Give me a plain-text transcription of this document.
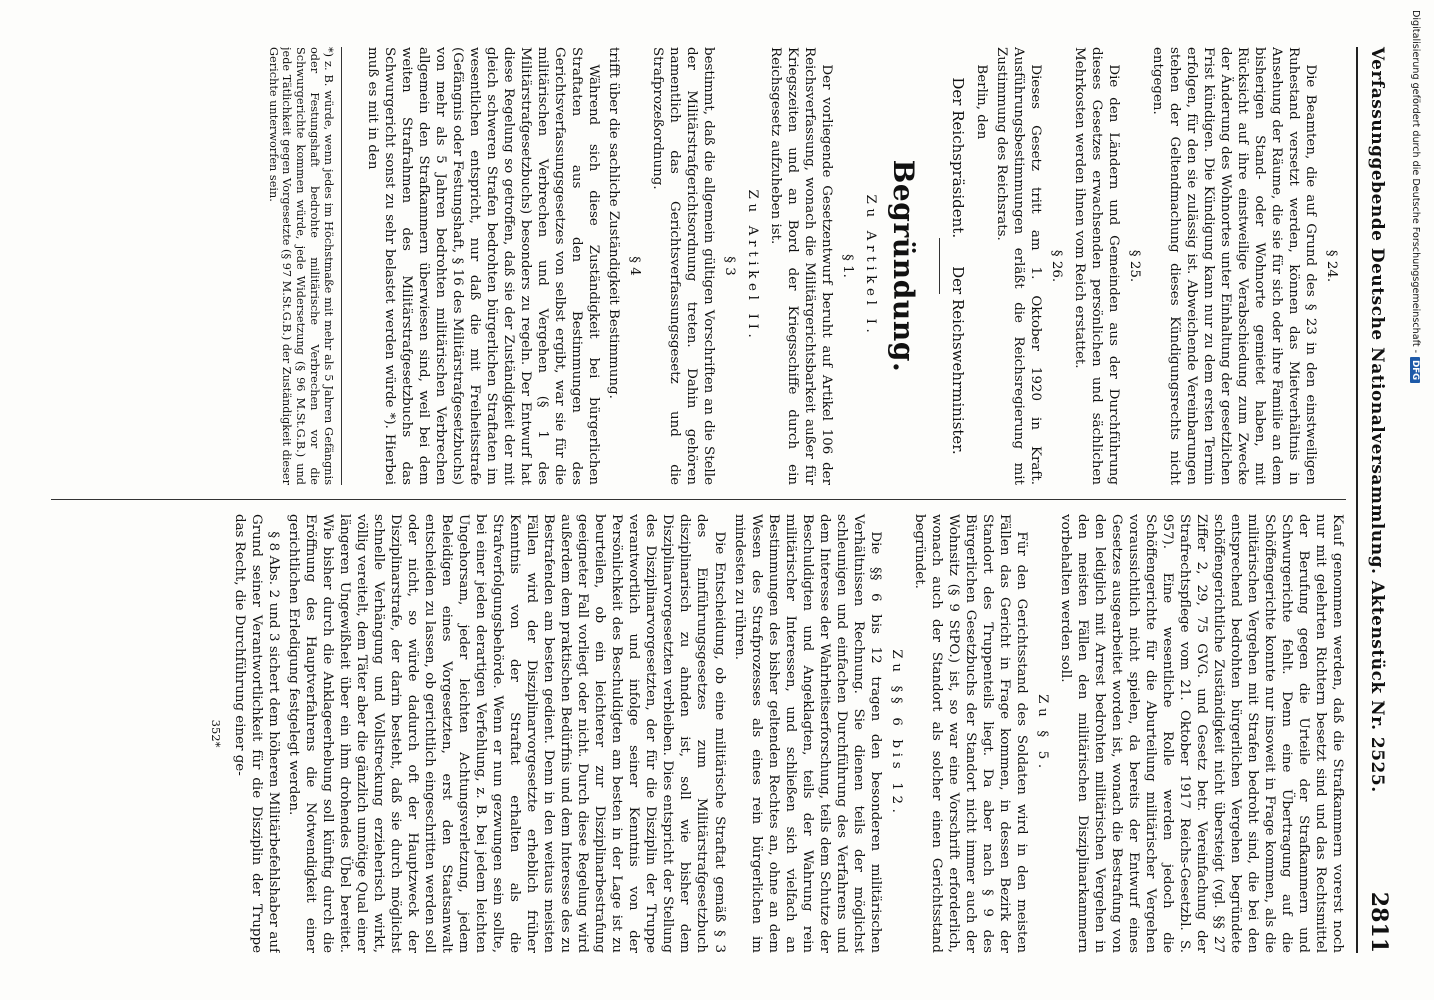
Verfassunggebende Deutsche Nationalversammlung. Aktenstück Nr. 2525.
2811
§ 24.

Die Beamten, die auf Grund des § 23 in den einstweiligen Ruhestand versetzt werden, können das Mietverhältnis in Ansehung der Räume, die sie für sich oder ihre Familie an dem bisherigen Stand- oder Wohnorte gemietet haben, mit Rücksicht auf ihre einstweilige Verabschiedung zum Zwecke der Änderung des Wohnortes unter Einhaltung der gesetzlichen Frist kündigen. Die Kündigung kann nur zu dem ersten Termin erfolgen, für den sie zulässig ist. Abweichende Vereinbarungen stehen der Geltendmachung dieses Kündigungsrechts nicht entgegen.

§ 25.

Die den Ländern und Gemeinden aus der Durchführung dieses Gesetzes erwachsenden persönlichen und sächlichen Mehrkosten werden ihnen vom Reich erstattet.

§ 26.

Dieses Gesetz tritt am 1. Oktober 1920 in Kraft. Ausführungsbestimmungen erläßt die Reichsregierung mit Zustimmung des Reichsrats.

Berlin, den

Der Reichspräsident.Der Reichswehrminister.
Begründung.
Zu Artikel I.
§ 1.

Der vorliegende Gesetzentwurf beruht auf Artikel 106 der Reichsverfassung, wonach die Militärgerichtsbarkeit außer für Kriegszeiten und an Bord der Kriegsschiffe durch ein Reichsgesetz aufzuheben ist.

Zu Artikel II.
§ 3

bestimmt, daß die allgemein gültigen Vorschriften an die Stelle der Militärstrafgerichtsordnung treten. Dahin gehören namentlich das Gerichtsverfassungsgesetz und die Strafprozeßordnung.

§ 4

trifft über die sachliche Zuständigkeit Bestimmung.

Während sich diese Zuständigkeit bei bürgerlichen Straftaten aus den Bestimmungen des Gerichtsverfassungsgesetzes von selbst ergibt, war sie für die militärischen Verbrechen und Vergehen (§ 1 des Militärstrafgesetzbuchs) besonders zu regeln. Der Entwurf hat diese Regelung so getroffen, daß sie der Zuständigkeit der mit gleich schweren Strafen bedrohten bürgerlichen Straftaten im wesentlichen entspricht, nur daß die mit Freiheitsstrafe (Gefängnis oder Festungshaft, § 16 des Militärstrafgesetzbuchs) von mehr als 5 Jahren bedrohten militärischen Verbrechen allgemein den Strafkammern überwiesen sind, weil bei dem weiten Strafrahmen des Militärstrafgesetzbuchs das Schwurgericht sonst zu sehr belastet werden würde *). Hierbei muß es mit in den

*) z. B. würde, wenn jedes im Höchstmaße mit mehr als 5 Jahren Gefängnis oder Festungshaft bedrohte militärische Verbrechen vor die Schwurgerichte kommen würde, jede Widersetzung (§ 96 M.St.G.B.) und jede Tätlichkeit gegen Vorgesetzte (§ 97 M.St.G.B.) der Zuständigkeit dieser Gerichte unterworfen sein.

Kauf genommen werden, daß die Strafkammern vorerst noch nur mit gelehrten Richtern besetzt sind und das Rechtsmittel der Berufung gegen die Urteile der Strafkammern und Schwurgerichte fehlt. Denn eine Übertragung auf die Schöffengerichte konnte nur insoweit in Frage kommen, als die militärischen Vergehen mit Strafen bedroht sind, die bei den entsprechend bedrohten bürgerlichen Vergehen begründete schöffengerichtliche Zuständigkeit nicht übersteigt (vgl. §§ 27 Ziffer 2, 29, 75 GVG. und Gesetz betr. Vereinfachung der Strafrechtspflege vom 21. Oktober 1917 Reichs-Gesetzbl. S. 957). Eine wesentliche Rolle werden jedoch die Schöffengerichte für die Aburteilung militärischer Vergehen voraussichtlich nicht spielen, da bereits der Entwurf eines Gesetzes ausgearbeitet worden ist, wonach die Bestrafung von den lediglich mit Arrest bedrohten militärischen Vergehen in den meisten Fällen den militärischen Disziplinarkammern vorbehalten werden soll.

Zu § 5.

Für den Gerichtsstand des Soldaten wird in den meisten Fällen das Gericht in Frage kommen, in dessen Bezirk der Standort des Truppenteils liegt. Da aber nach § 9 des Bürgerlichen Gesetzbuchs der Standort nicht immer auch der Wohnsitz (§ 9 StPO.) ist, so war eine Vorschrift erforderlich, wonach auch der Standort als solcher einen Gerichtsstand begründet.

Zu §§ 6 bis 12.

Die §§ 6 bis 12 tragen den besonderen militärischen Verhältnissen Rechnung. Sie dienen teils der möglichst schleunigen und einfachen Durchführung des Verfahrens und dem Interesse der Wahrheitserforschung, teils dem Schutze der Beschuldigten und Angeklagten, teils der Wahrung rein militärischer Interessen, und schließen sich vielfach an Bestimmungen des bisher geltenden Rechtes an, ohne an dem Wesen des Strafprozesses als eines rein bürgerlichen im mindesten zu rühren.

Die Entscheidung, ob eine militärische Straftat gemäß § 3 des Einführungsgesetzes zum Militärstrafgesetzbuch disziplinarisch zu ahnden ist, soll wie bisher dem Disziplinarvorgesetzten verbleiben. Dies entspricht der Stellung des Disziplinarvorgesetzten, der für die Disziplin der Truppe verantwortlich und infolge seiner Kenntnis von der Persönlichkeit des Beschuldigten am besten in der Lage ist zu beurteilen, ob ein leichterer zur Disziplinarbestrafung geeigneter Fall vorliegt oder nicht. Durch diese Regelung wird außerdem dem praktischen Bedürfnis und dem Interesse des zu Bestrafenden am besten gedient. Denn in den weitaus meisten Fällen wird der Disziplinarvorgesetzte erheblich früher Kenntnis von der Straftat erhalten als die Strafverfolgungsbehörde. Wenn er nun gezwungen sein sollte, bei einer jeden derartigen Verfehlung, z. B. bei jedem leichten Ungehorsam, jeder leichten Achtungsverletzung, jedem Beleidigen eines Vorgesetzten, erst den Staatsanwalt entscheiden zu lassen, ob gerichtlich eingeschritten werden soll oder nicht, so würde dadurch oft der Hauptzweck der Disziplinarstrafe, der darin besteht, daß sie durch möglichst schnelle Verhängung und Vollstreckung erzieherisch wirkt, völlig vereitelt, dem Täter aber die gänzlich unnötige Qual einer längeren Ungewißheit über ein ihm drohendes Übel bereitet. Wie bisher durch die Anklageerhebung soll künftig durch die Eröffnung des Hauptverfahrens die Notwendigkeit einer gerichtlichen Erledigung festgelegt werden.

§ 8 Abs. 2 und 3 sichert dem höheren Militärbefehlshaber auf Grund seiner Verantwortlichkeit für die Disziplin der Truppe das Recht, die Durchführung einer ge-

352*
Digitalisierung gefördert durch die Deutsche Forschungsgemeinschaft -
DFG
